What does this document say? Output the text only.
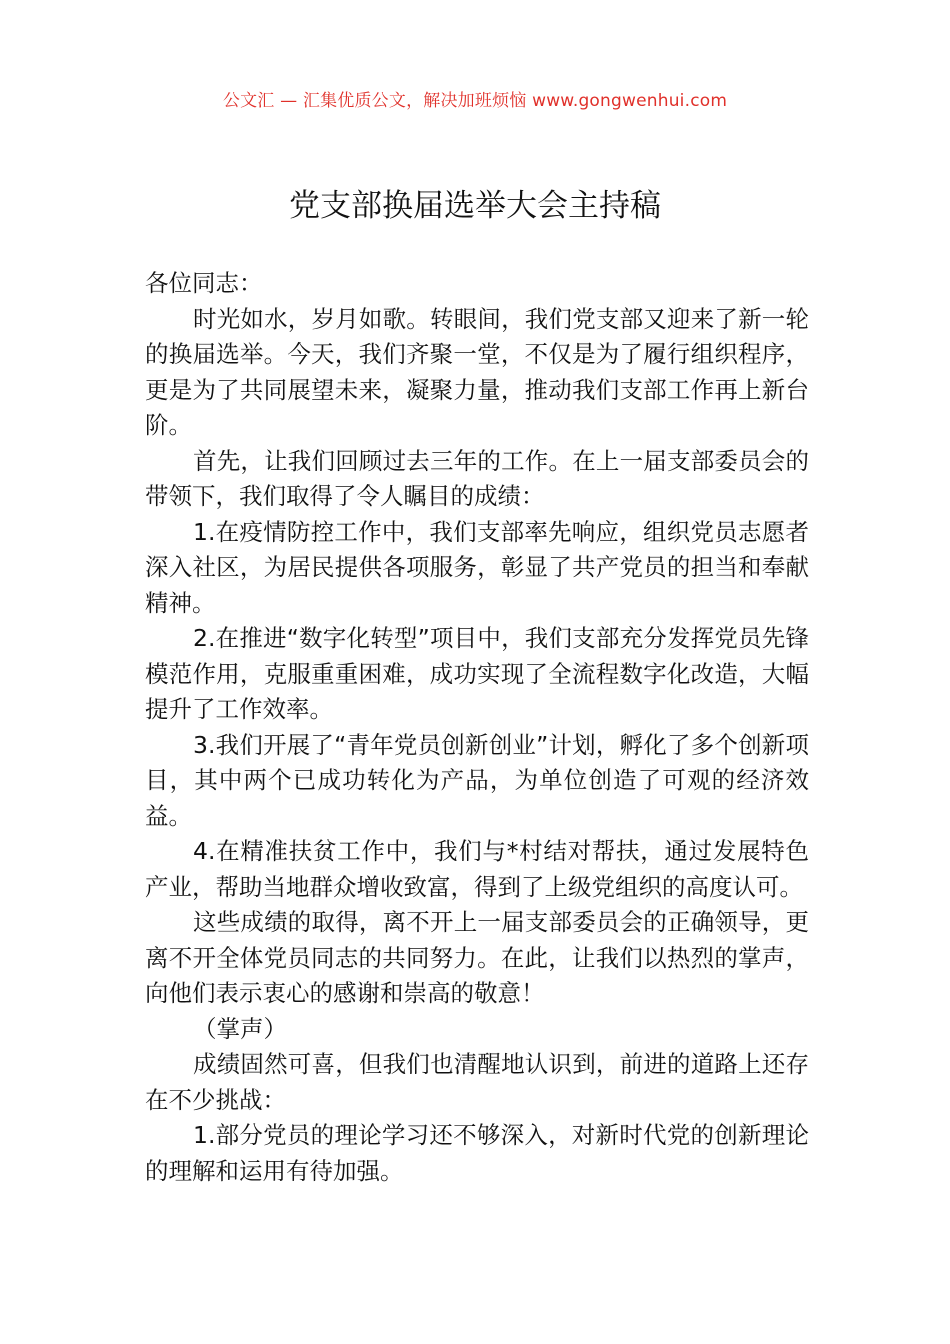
公文汇 — 汇集优质公文，解决加班烦恼 www.gongwenhui.com
党支部换届选举大会主持稿

各位同志：

时光如水，岁月如歌。转眼间，我们党支部又迎来了新一轮的换届选举。今天，我们齐聚一堂，不仅是为了履行组织程序，更是为了共同展望未来，凝聚力量，推动我们支部工作再上新台阶。

首先，让我们回顾过去三年的工作。在上一届支部委员会的带领下，我们取得了令人瞩目的成绩：

1.在疫情防控工作中，我们支部率先响应，组织党员志愿者深入社区，为居民提供各项服务，彰显了共产党员的担当和奉献精神。

2.在推进“数字化转型”项目中，我们支部充分发挥党员先锋模范作用，克服重重困难，成功实现了全流程数字化改造，大幅提升了工作效率。

3.我们开展了“青年党员创新创业”计划，孵化了多个创新项目，其中两个已成功转化为产品，为单位创造了可观的经济效益。

4.在精准扶贫工作中，我们与*村结对帮扶，通过发展特色产业，帮助当地群众增收致富，得到了上级党组织的高度认可。

这些成绩的取得，离不开上一届支部委员会的正确领导，更离不开全体党员同志的共同努力。在此，让我们以热烈的掌声，向他们表示衷心的感谢和崇高的敬意！

（掌声）

成绩固然可喜，但我们也清醒地认识到，前进的道路上还存在不少挑战：

1.部分党员的理论学习还不够深入，对新时代党的创新理论的理解和运用有待加强。
